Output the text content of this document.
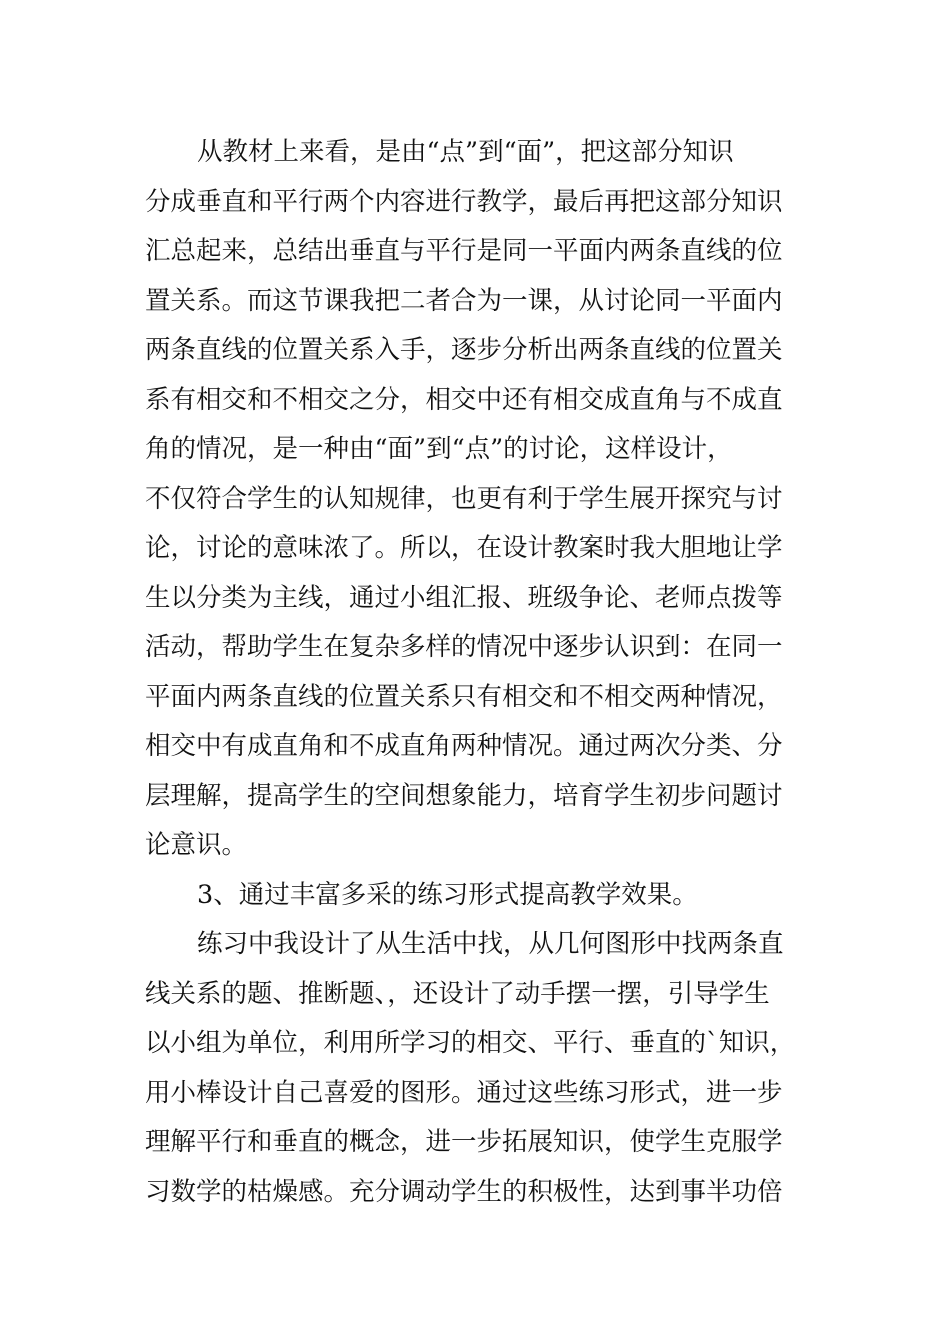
从教材上来看，是由“点”到“面”，把这部分知识
分成垂直和平行两个内容进行教学，最后再把这部分知识
汇总起来，总结出垂直与平行是同一平面内两条直线的位
置关系。而这节课我把二者合为一课，从讨论同一平面内
两条直线的位置关系入手，逐步分析出两条直线的位置关
系有相交和不相交之分，相交中还有相交成直角与不成直
角的情况，是一种由“面”到“点”的讨论，这样设计，
不仅符合学生的认知规律，也更有利于学生展开探究与讨
论，讨论的意味浓了。所以，在设计教案时我大胆地让学
生以分类为主线，通过小组汇报、班级争论、老师点拨等
活动，帮助学生在复杂多样的情况中逐步认识到：在同一
平面内两条直线的位置关系只有相交和不相交两种情况，
相交中有成直角和不成直角两种情况。通过两次分类、分
层理解，提高学生的空间想象能力，培育学生初步问题讨
论意识。
3、通过丰富多采的练习形式提高教学效果。
练习中我设计了从生活中找，从几何图形中找两条直
线关系的题、推断题、，还设计了动手摆一摆，引导学生
以小组为单位，利用所学习的相交、平行、垂直的`知识，
用小棒设计自己喜爱的图形。通过这些练习形式，进一步
理解平行和垂直的概念，进一步拓展知识，使学生克服学
习数学的枯燥感。充分调动学生的积极性，达到事半功倍
